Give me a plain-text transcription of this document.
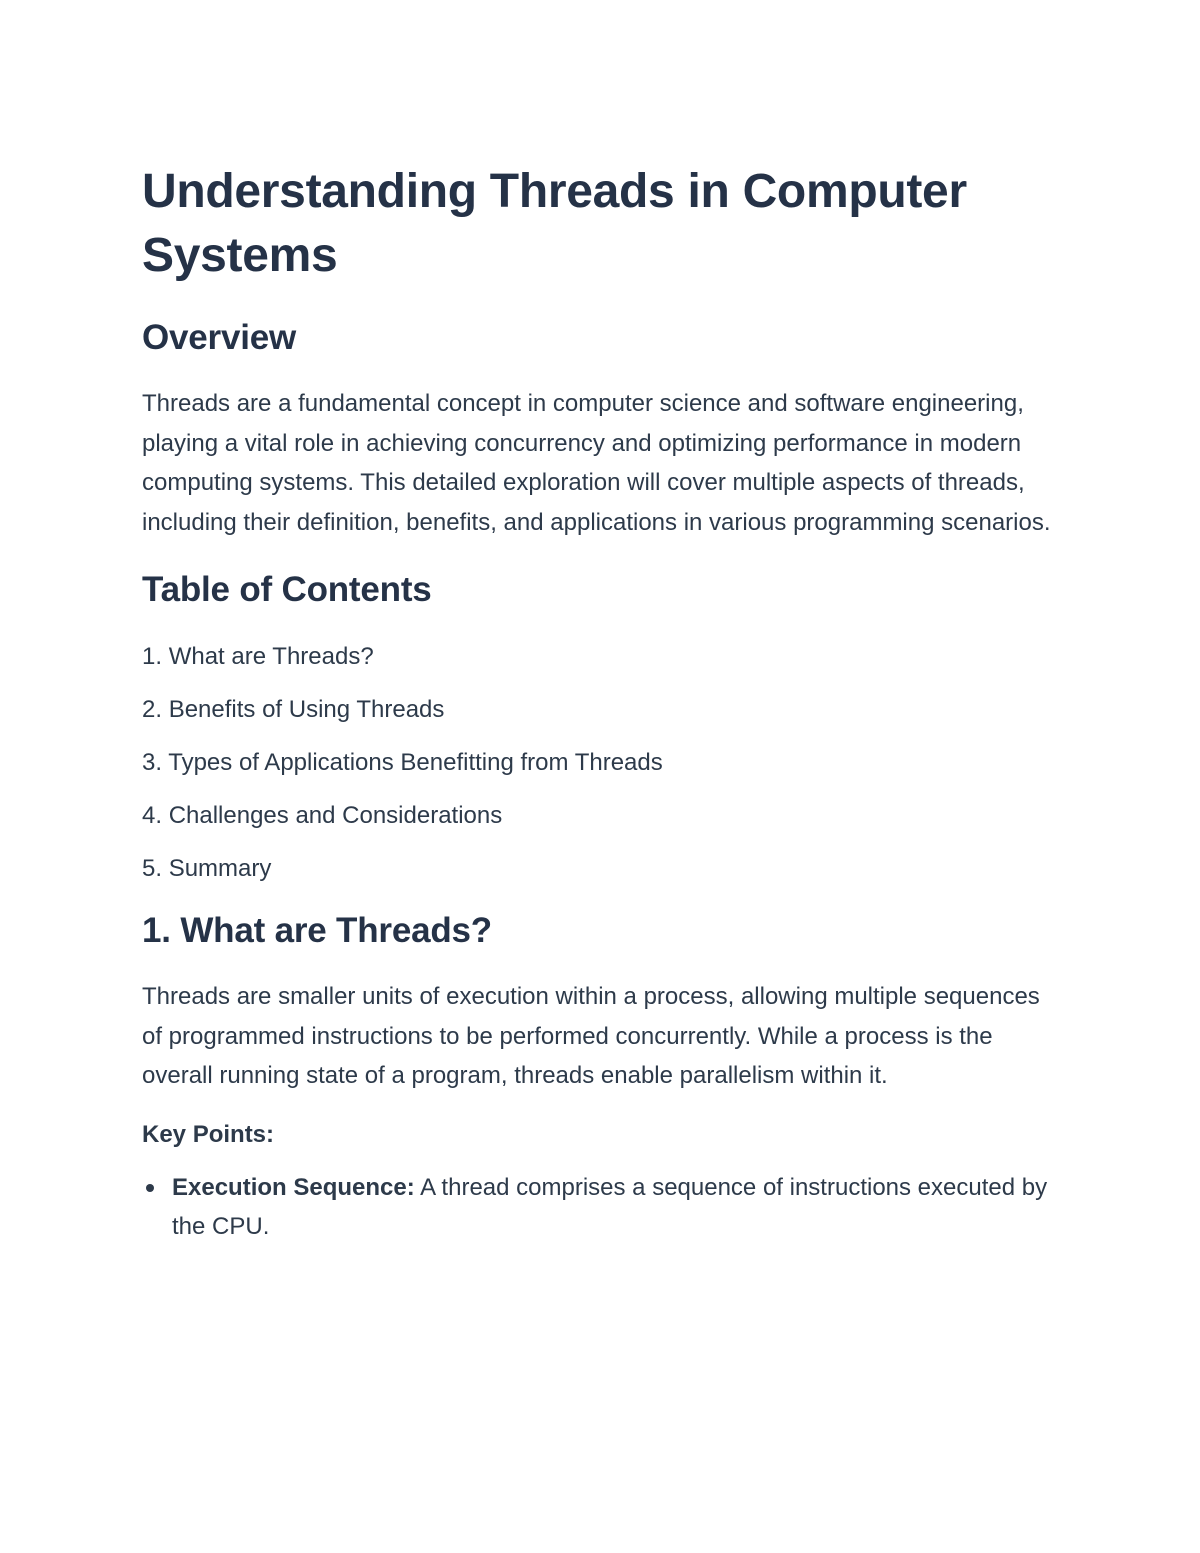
Understanding Threads in Computer Systems
Overview

Threads are a fundamental concept in computer science and software engineering, playing a vital role in achieving concurrency and optimizing performance in modern computing systems. This detailed exploration will cover multiple aspects of threads, including their definition, benefits, and applications in various programming scenarios.

Table of Contents
1. What are Threads?
2. Benefits of Using Threads
3. Types of Applications Benefitting from Threads
4. Challenges and Considerations
5. Summary
1. What are Threads?

Threads are smaller units of execution within a process, allowing multiple sequences of programmed instructions to be performed concurrently. While a process is the overall running state of a program, threads enable parallelism within it.

Key Points:
Execution Sequence: A thread comprises a sequence of instructions executed by the CPU.
